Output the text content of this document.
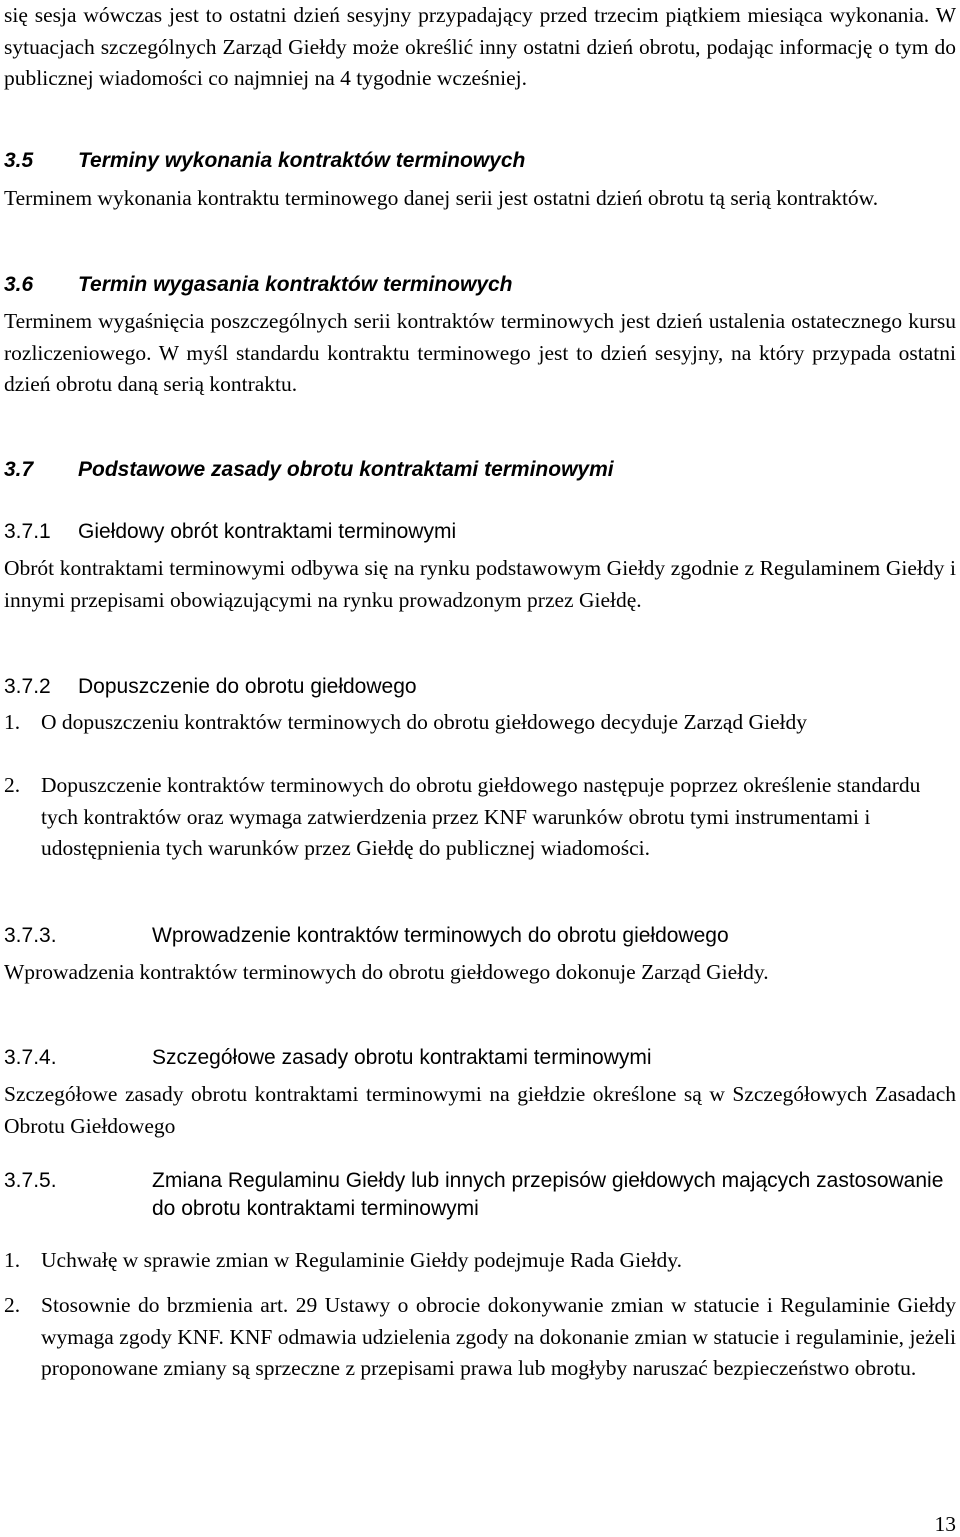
się sesja wówczas jest to ostatni dzień sesyjny przypadający przed trzecim piątkiem miesiąca wykonania. W sytuacjach szczególnych Zarząd Giełdy może określić inny ostatni dzień obrotu, podając informację o tym do publicznej wiadomości co najmniej na 4 tygodnie wcześniej.

3.5 Terminy wykonania kontraktów terminowych

Terminem wykonania kontraktu terminowego danej serii jest ostatni dzień obrotu tą serią kontraktów.

3.6 Termin wygasania kontraktów terminowych

Terminem wygaśnięcia poszczególnych serii kontraktów terminowych jest dzień ustalenia ostatecznego kursu rozliczeniowego. W myśl standardu kontraktu terminowego jest to dzień sesyjny, na który przypada ostatni dzień obrotu daną serią kontraktu.

3.7 Podstawowe zasady obrotu kontraktami terminowymi
3.7.1 Giełdowy obrót kontraktami terminowymi

Obrót kontraktami terminowymi odbywa się na rynku podstawowym Giełdy zgodnie z Regulaminem Giełdy i innymi przepisami obowiązującymi na rynku prowadzonym przez Giełdę.

3.7.2 Dopuszczenie do obrotu giełdowego
1. O dopuszczeniu kontraktów terminowych do obrotu giełdowego decyduje Zarząd Giełdy
2. Dopuszczenie kontraktów terminowych do obrotu giełdowego następuje poprzez określenie standardu tych kontraktów oraz wymaga zatwierdzenia przez KNF warunków obrotu tymi instrumentami i udostępnienia tych warunków przez Giełdę do publicznej wiadomości.
3.7.3.	Wprowadzenie kontraktów terminowych do obrotu giełdowego

Wprowadzenia kontraktów terminowych do obrotu giełdowego dokonuje Zarząd Giełdy.

3.7.4.	Szczegółowe zasady obrotu kontraktami terminowymi

Szczegółowe zasady obrotu kontraktami terminowymi na giełdzie określone są w Szczegółowych Zasadach Obrotu Giełdowego

3.7.5.	Zmiana Regulaminu Giełdy lub innych przepisów giełdowych mających zastosowanie do obrotu kontraktami terminowymi
1. Uchwałę w sprawie zmian w Regulaminie Giełdy podejmuje Rada Giełdy.
2. Stosownie do brzmienia art. 29 Ustawy o obrocie dokonywanie zmian w statucie i Regulaminie Giełdy wymaga zgody KNF. KNF odmawia udzielenia zgody na dokonanie zmian w statucie i regulaminie, jeżeli proponowane zmiany są sprzeczne z przepisami prawa lub mogłyby naruszać bezpieczeństwo obrotu.
13
